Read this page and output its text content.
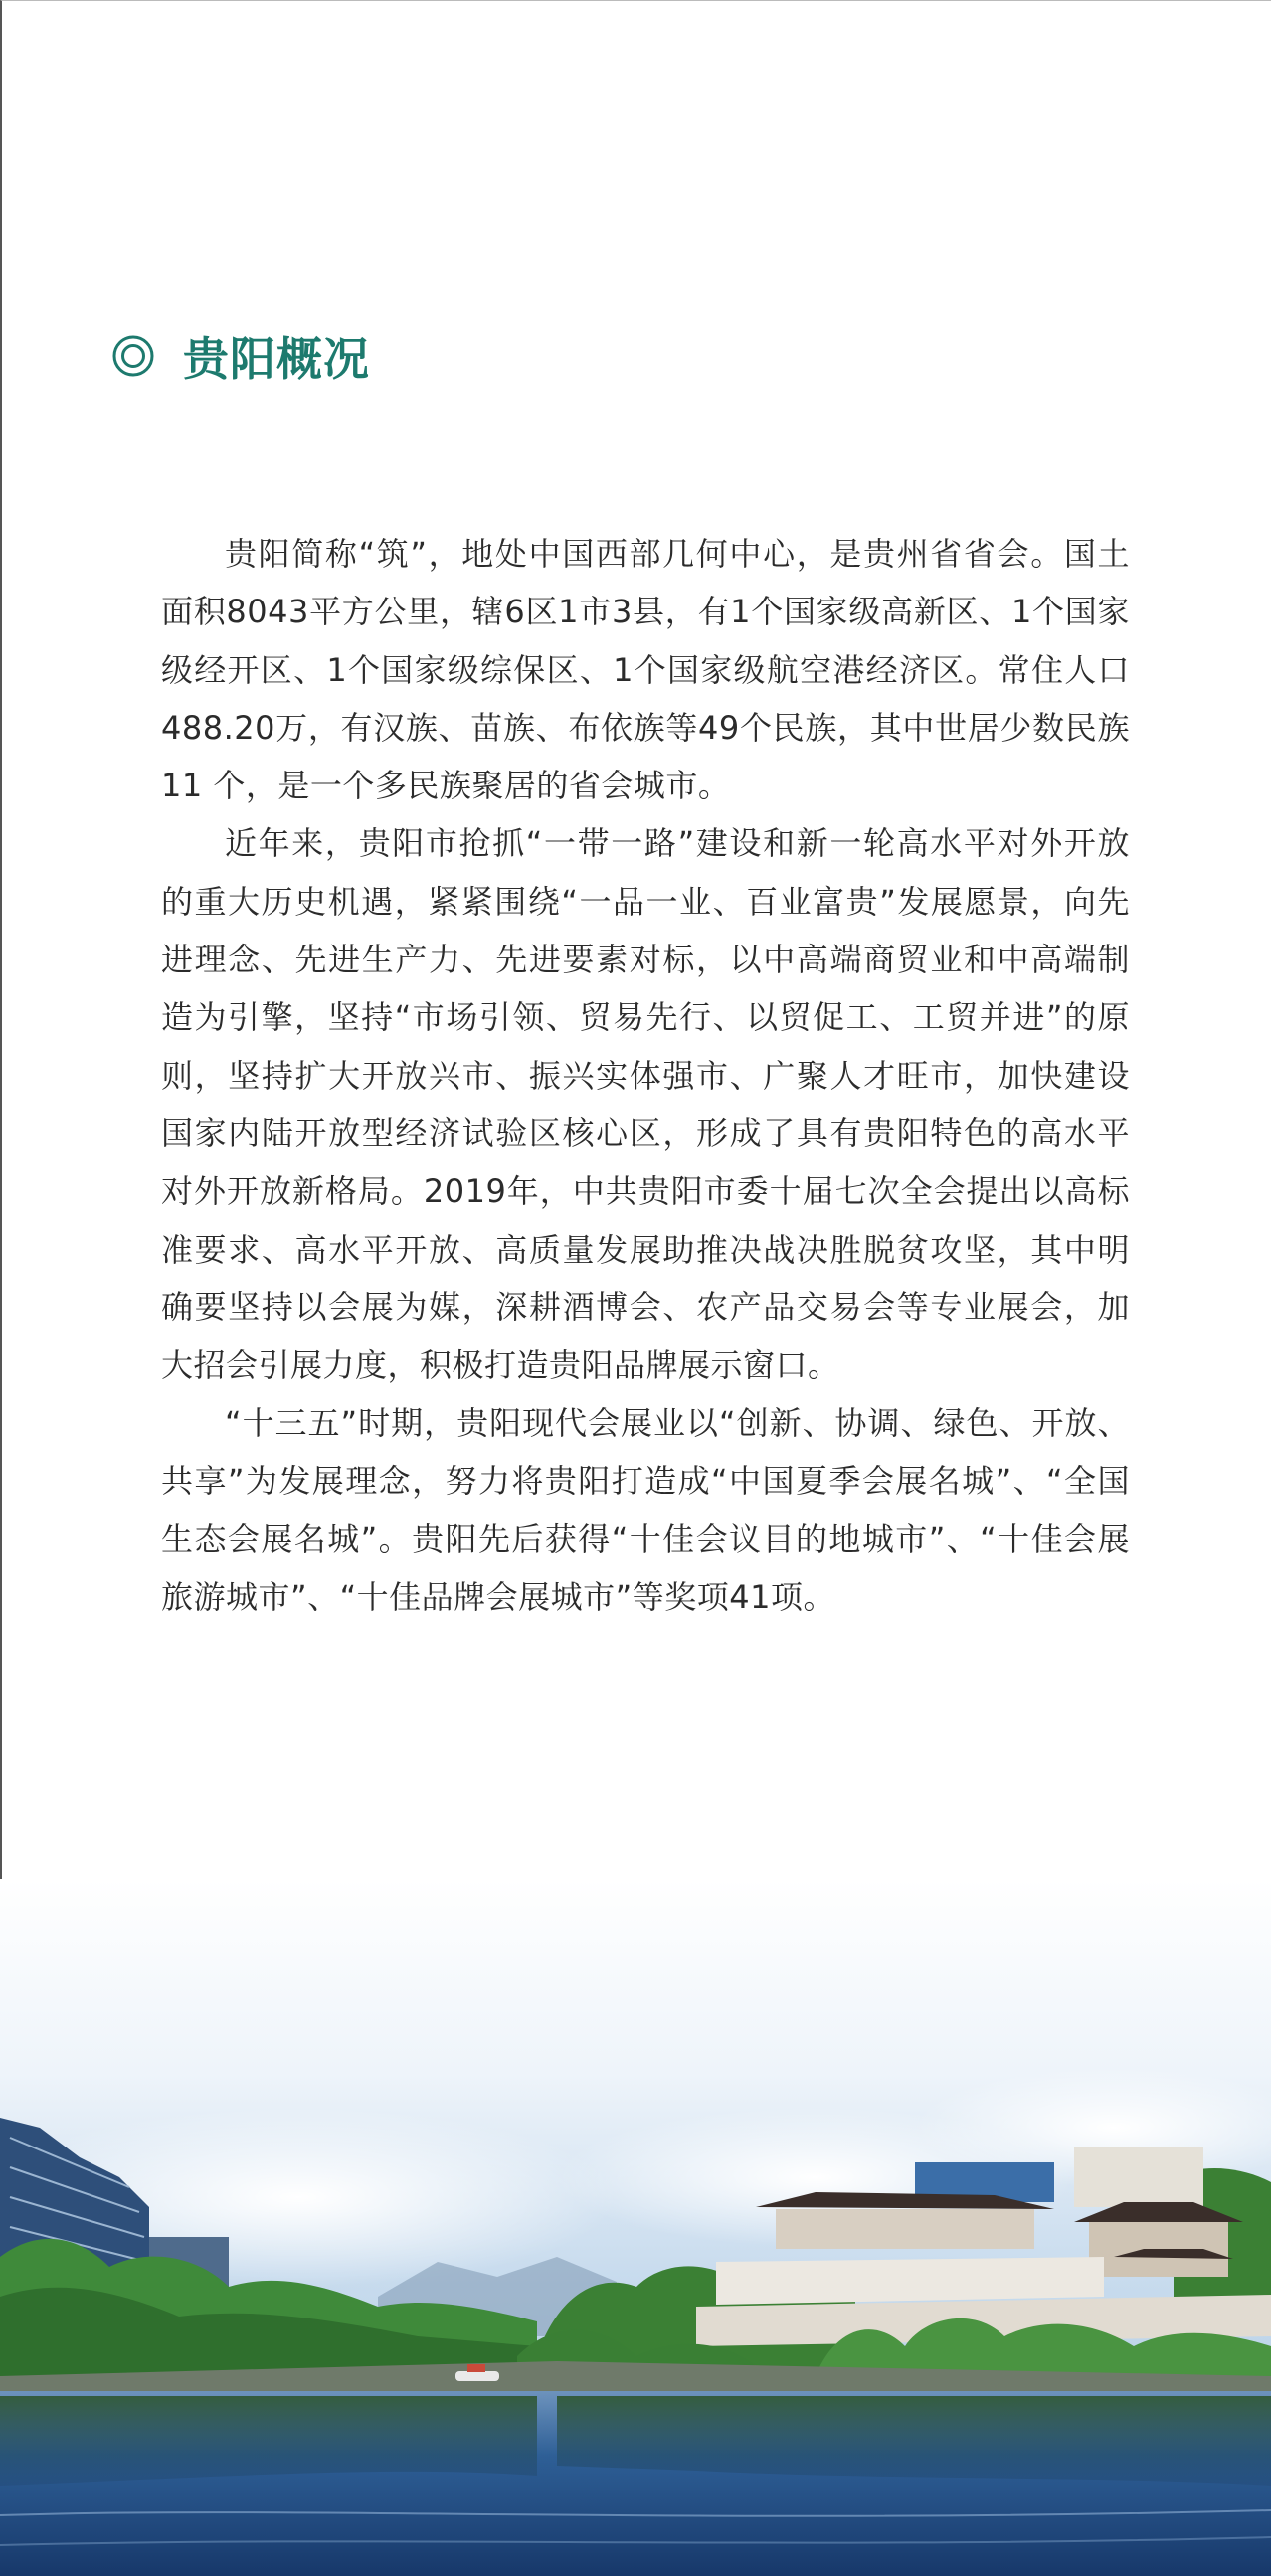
贵阳概况

贵阳简称“筑”，地处中国西部几何中心，是贵州省省会。国土面积8043平方公里，辖6区1市3县，有1个国家级高新区、1个国家级经开区、1个国家级综保区、1个国家级航空港经济区。常住人口488.20万，有汉族、苗族、布依族等49个民族，其中世居少数民族 11 个，是一个多民族聚居的省会城市。

近年来，贵阳市抢抓“一带一路”建设和新一轮高水平对外开放的重大历史机遇，紧紧围绕“一品一业、百业富贵”发展愿景，向先进理念、先进生产力、先进要素对标，以中高端商贸业和中高端制造为引擎，坚持“市场引领、贸易先行、以贸促工、工贸并进”的原则，坚持扩大开放兴市、振兴实体强市、广聚人才旺市，加快建设国家内陆开放型经济试验区核心区，形成了具有贵阳特色的高水平对外开放新格局。2019年，中共贵阳市委十届七次全会提出以高标准要求、高水平开放、高质量发展助推决战决胜脱贫攻坚，其中明确要坚持以会展为媒，深耕酒博会、农产品交易会等专业展会，加大招会引展力度，积极打造贵阳品牌展示窗口。

“十三五”时期，贵阳现代会展业以“创新、协调、绿色、开放、共享”为发展理念，努力将贵阳打造成“中国夏季会展名城”、“全国生态会展名城”。贵阳先后获得“十佳会议目的地城市”、“十佳会展旅游城市”、“十佳品牌会展城市”等奖项41项。
